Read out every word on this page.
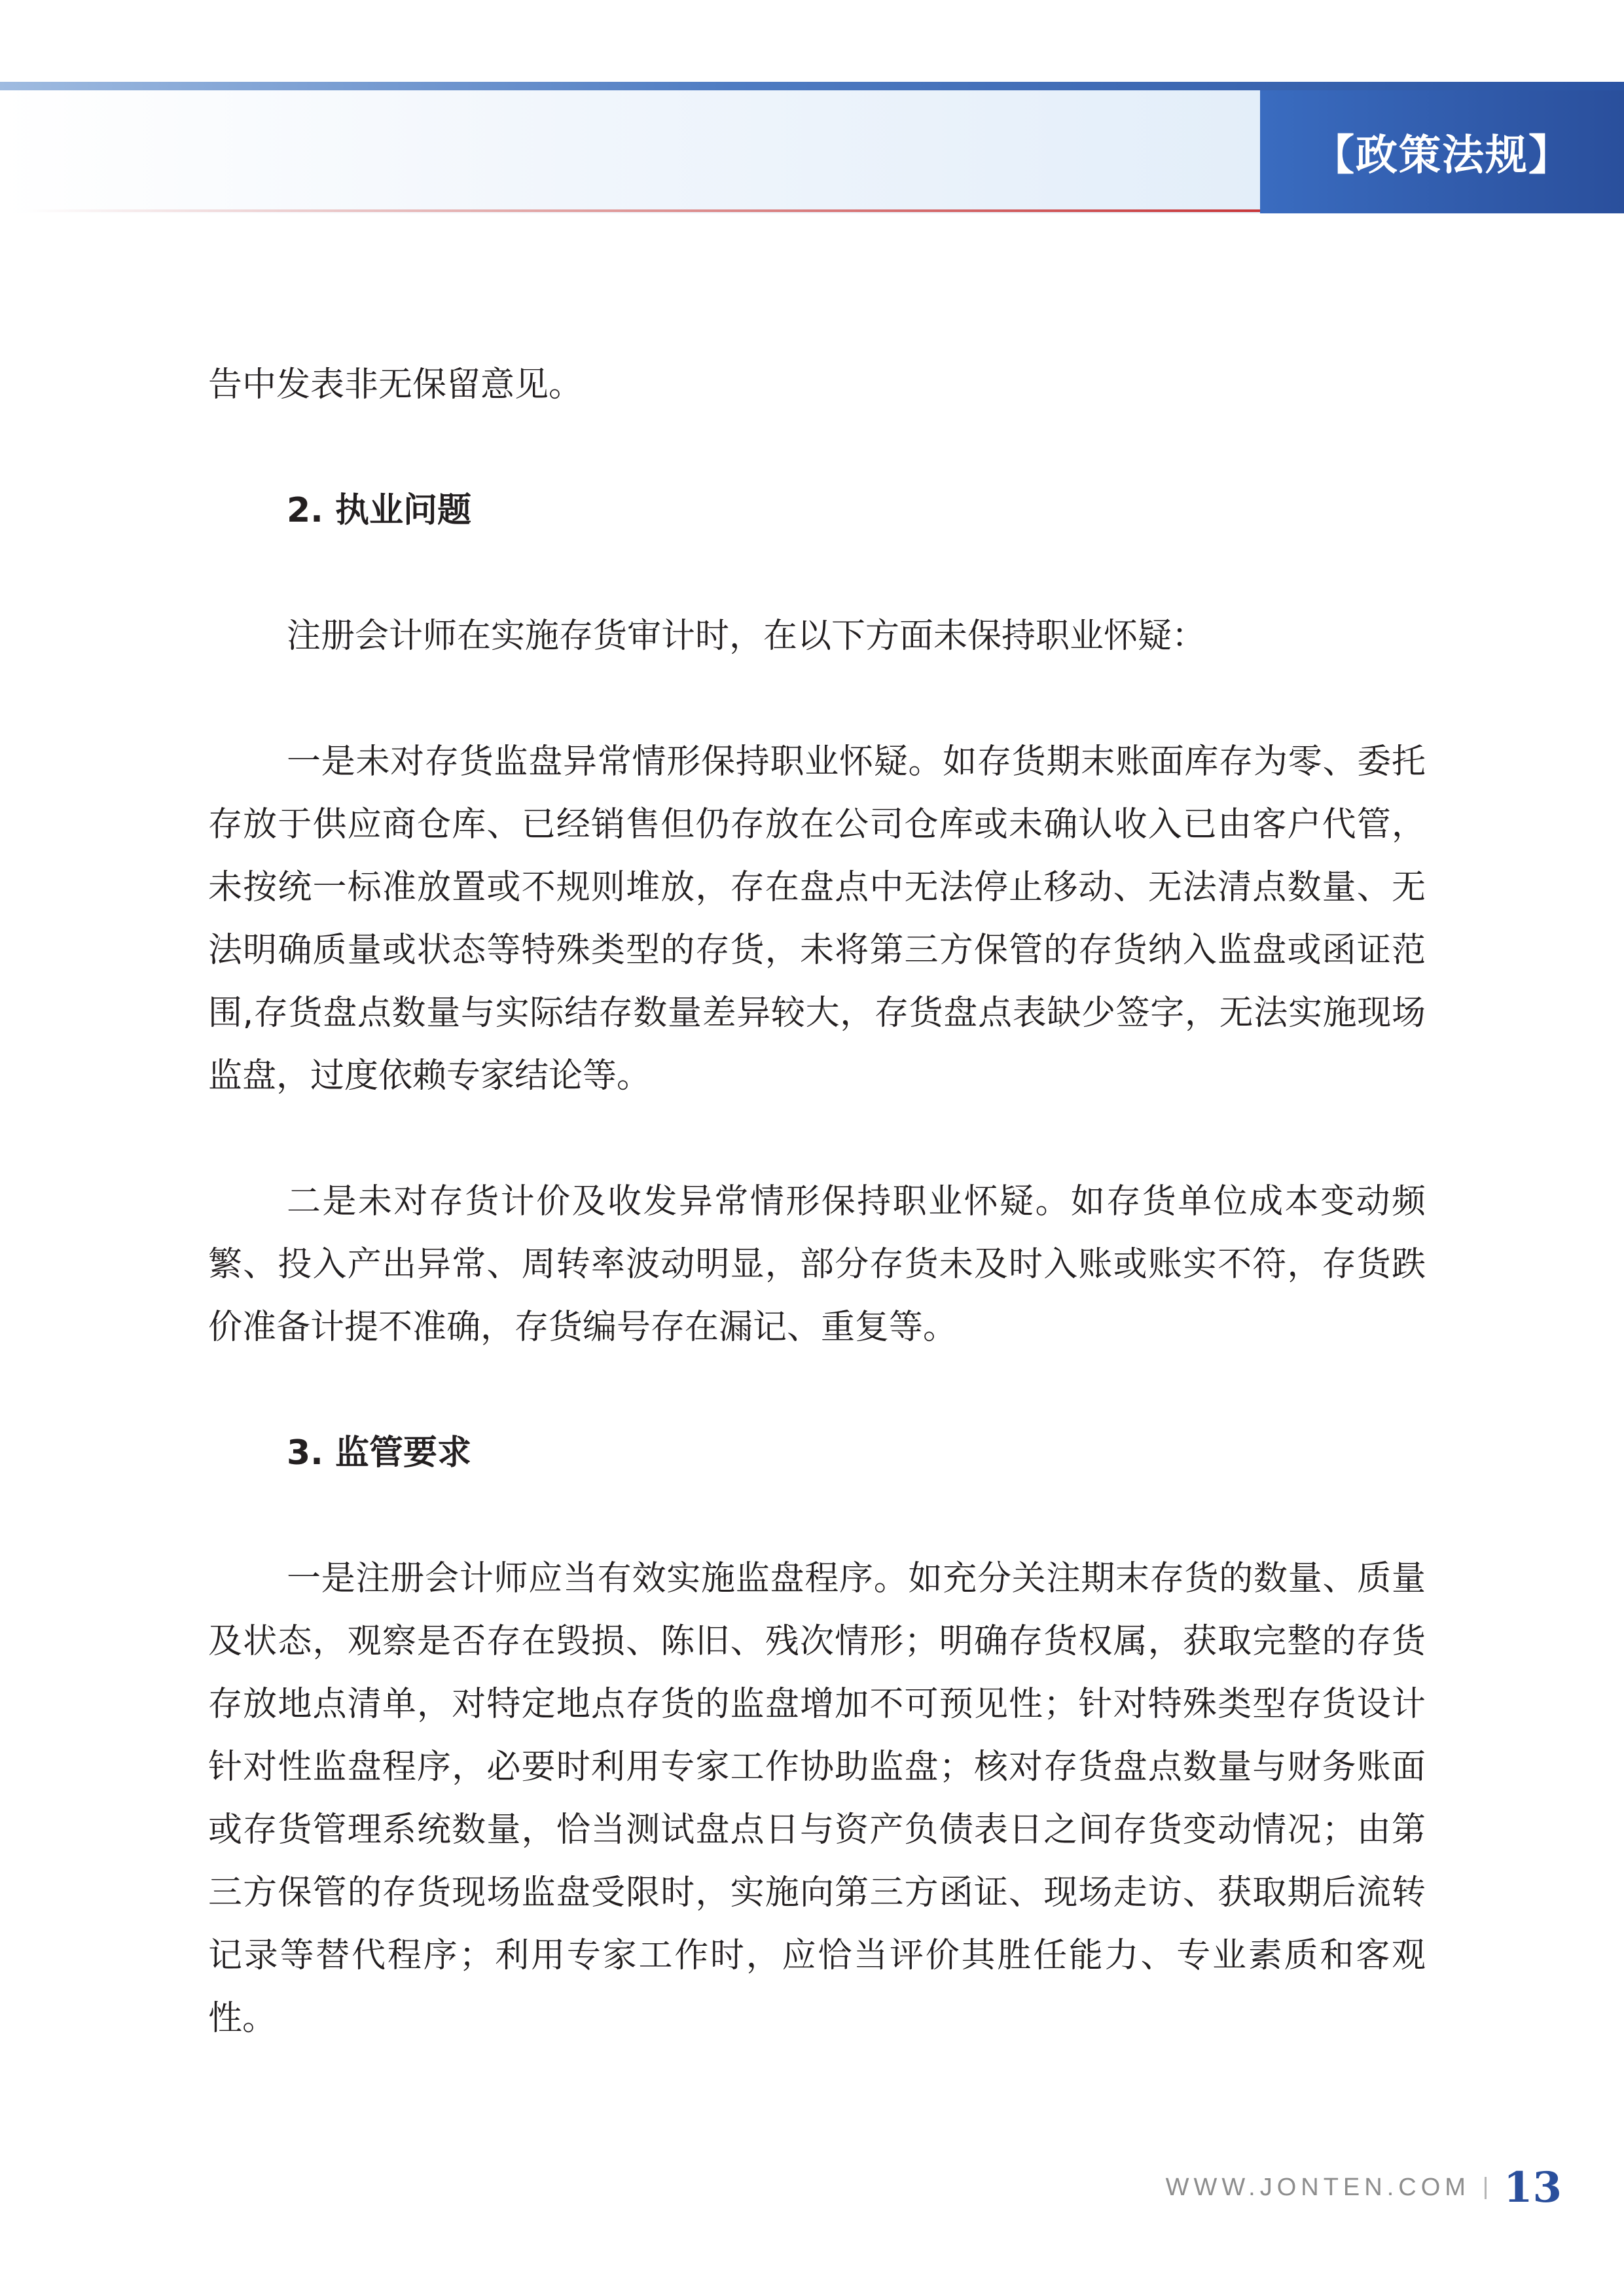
【政策法规】

告中发表非无保留意见。

2. 执业问题

注册会计师在实施存货审计时，在以下方面未保持职业怀疑：

一是未对存货监盘异常情形保持职业怀疑。如存货期末账面库存为零、委托存放于供应商仓库、已经销售但仍存放在公司仓库或未确认收入已由客户代管，未按统一标准放置或不规则堆放，存在盘点中无法停止移动、无法清点数量、无法明确质量或状态等特殊类型的存货，未将第三方保管的存货纳入监盘或函证范围,存货盘点数量与实际结存数量差异较大，存货盘点表缺少签字，无法实施现场监盘，过度依赖专家结论等。

二是未对存货计价及收发异常情形保持职业怀疑。如存货单位成本变动频繁、投入产出异常、周转率波动明显，部分存货未及时入账或账实不符，存货跌价准备计提不准确，存货编号存在漏记、重复等。

3. 监管要求

一是注册会计师应当有效实施监盘程序。如充分关注期末存货的数量、质量及状态，观察是否存在毁损、陈旧、残次情形；明确存货权属，获取完整的存货存放地点清单，对特定地点存货的监盘增加不可预见性；针对特殊类型存货设计针对性监盘程序，必要时利用专家工作协助监盘；核对存货盘点数量与财务账面或存货管理系统数量，恰当测试盘点日与资产负债表日之间存货变动情况；由第三方保管的存货现场监盘受限时，实施向第三方函证、现场走访、获取期后流转记录等替代程序；利用专家工作时，应恰当评价其胜任能力、专业素质和客观性。

WWW.JONTEN.COM 13
